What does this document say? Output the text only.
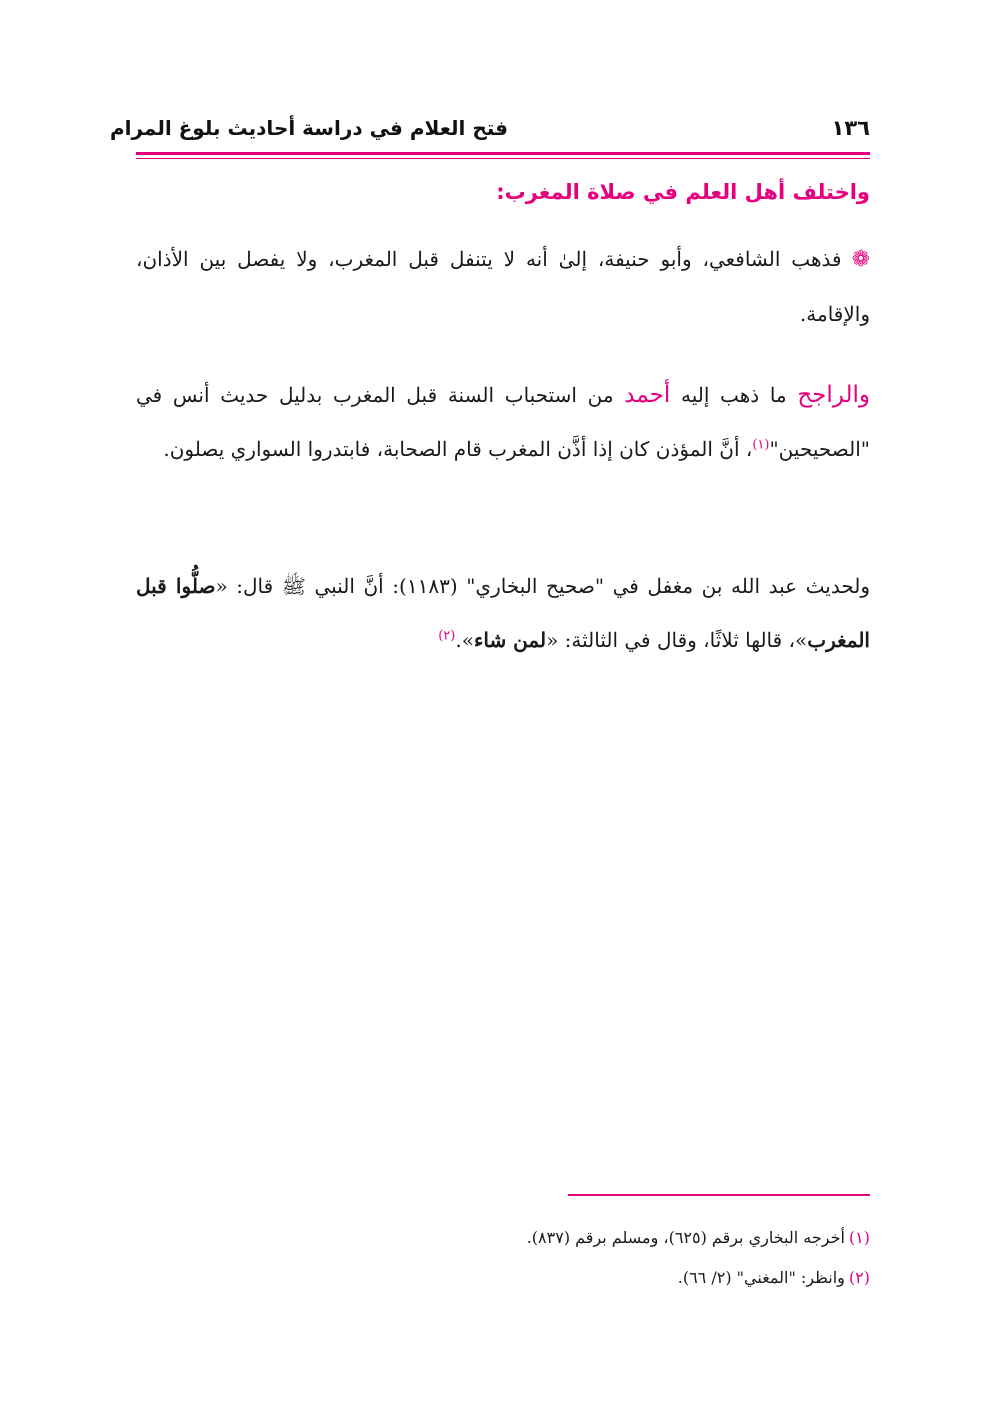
١٣٦
فتح العلام في دراسة أحاديث بلوغ المرام
واختلف أهل العلم في صلاة المغرب:
❁فذهب الشافعي، وأبو حنيفة، إلىٰ أنه لا يتنفل قبل المغرب، ولا يفصل بين الأذان، والإقامة.
والراجح ما ذهب إليه أحمد من استحباب السنة قبل المغرب بدليل حديث أنس في "الصحيحين"$^{(١)}$، أنَّ المؤذن كان إذا أذَّن المغرب قام الصحابة، فابتدروا السواري يصلون.
ولحديث عبد الله بن مغفل في "صحيح البخاري" (١١٨٣): أنَّ النبي ﷺ قال: «صلُّوا قبل المغرب»، قالها ثلاثًا، وقال في الثالثة: «لمن شاء».$^{(٢)}$
(١)أخرجه البخاري برقم (٦٢٥)، ومسلم برقم (٨٣٧).
(٢)وانظر: "المغني" (٢/ ٦٦).
